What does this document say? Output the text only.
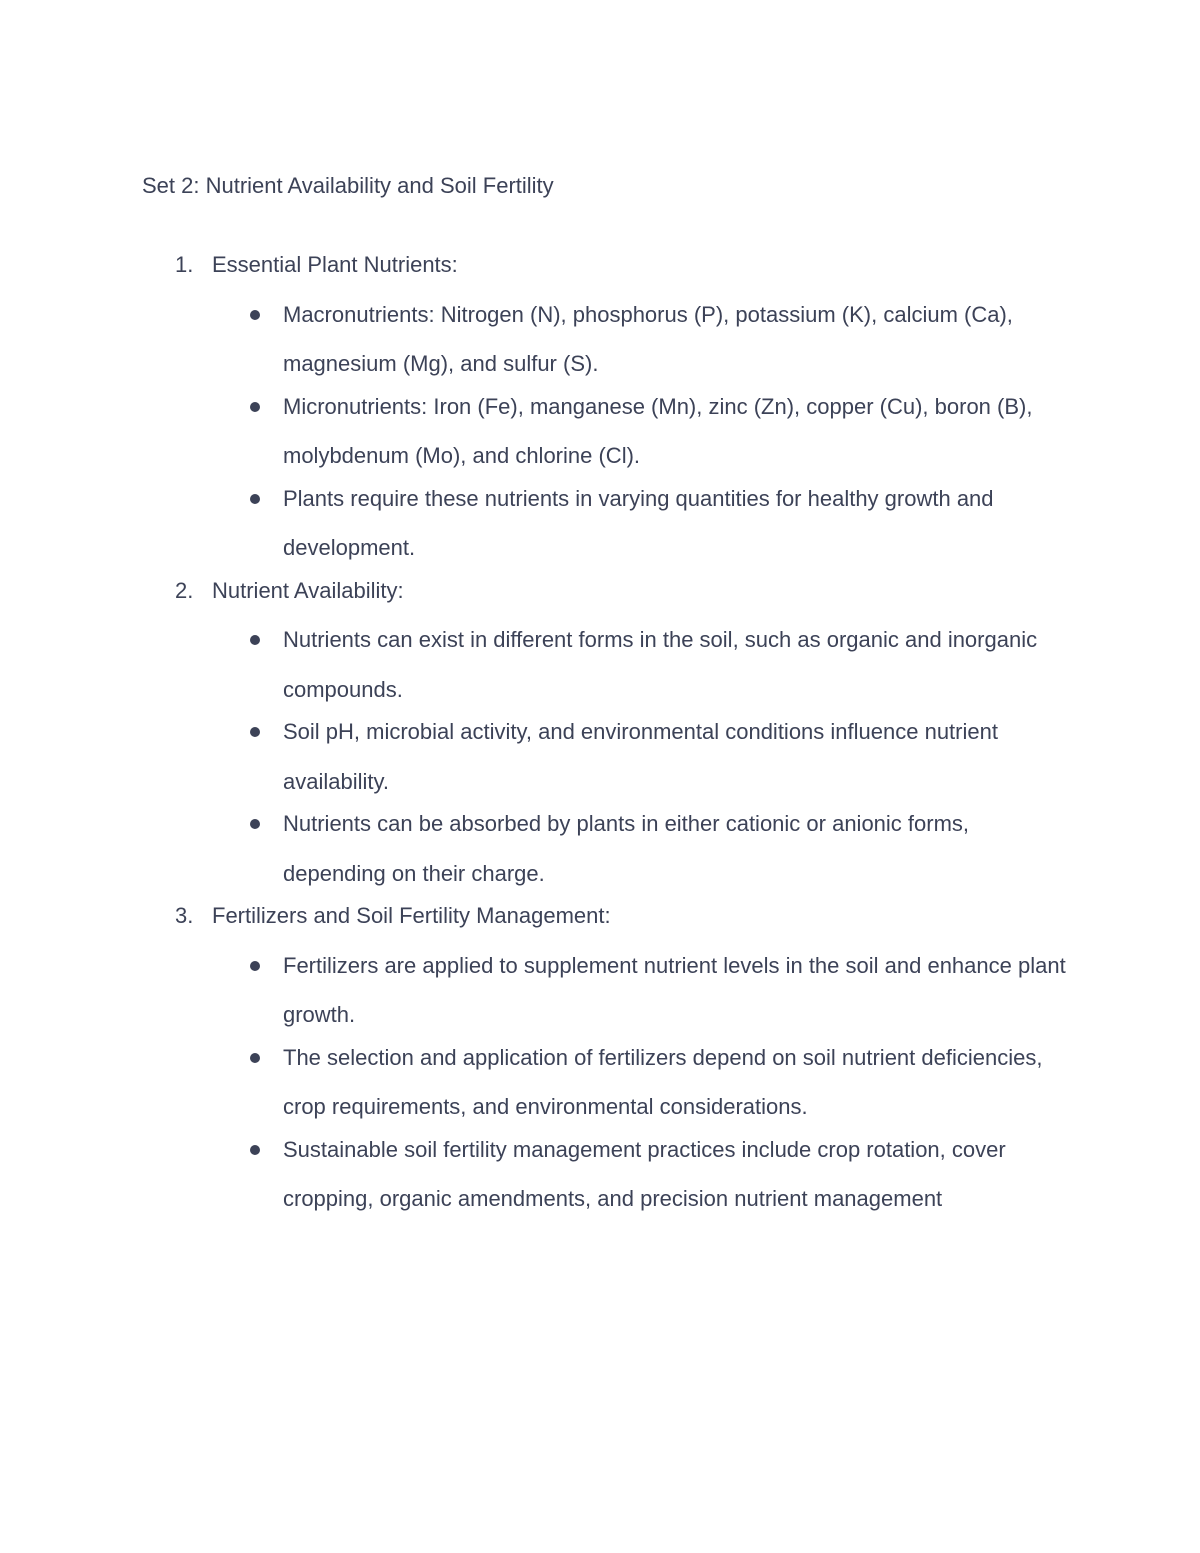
Set 2: Nutrient Availability and Soil Fertility
1. Essential Plant Nutrients:
Macronutrients: Nitrogen (N), phosphorus (P), potassium (K), calcium (Ca), magnesium (Mg), and sulfur (S).
Micronutrients: Iron (Fe), manganese (Mn), zinc (Zn), copper (Cu), boron (B), molybdenum (Mo), and chlorine (Cl).
Plants require these nutrients in varying quantities for healthy growth and development.
2. Nutrient Availability:
Nutrients can exist in different forms in the soil, such as organic and inorganic compounds.
Soil pH, microbial activity, and environmental conditions influence nutrient availability.
Nutrients can be absorbed by plants in either cationic or anionic forms, depending on their charge.
3. Fertilizers and Soil Fertility Management:
Fertilizers are applied to supplement nutrient levels in the soil and enhance plant growth.
The selection and application of fertilizers depend on soil nutrient deficiencies, crop requirements, and environmental considerations.
Sustainable soil fertility management practices include crop rotation, cover cropping, organic amendments, and precision nutrient management
